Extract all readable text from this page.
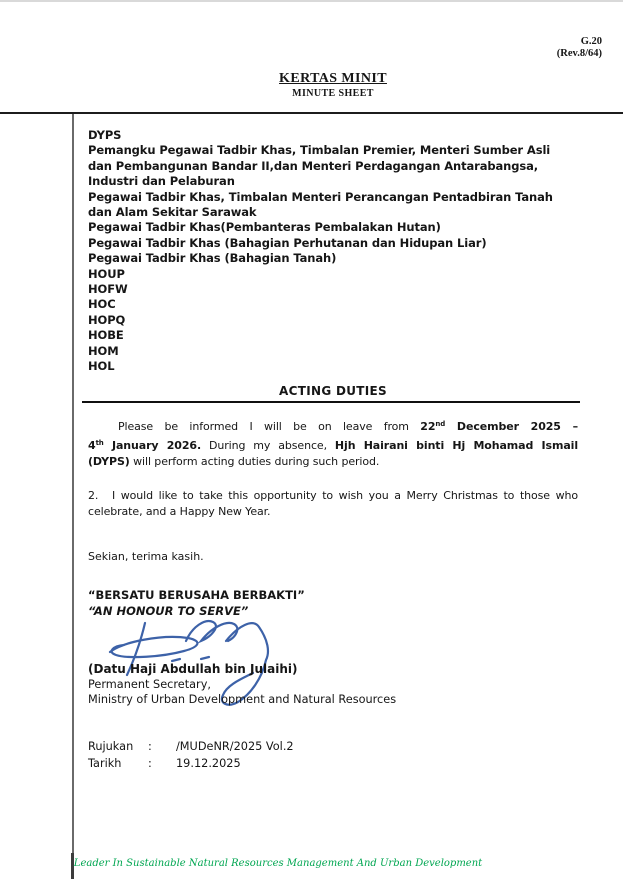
G.20
(Rev.8/64)
KERTAS MINIT
MINUTE SHEET
DYPS
Pemangku Pegawai Tadbir Khas, Timbalan Premier, Menteri Sumber Asli
dan Pembangunan Bandar II,dan Menteri Perdagangan Antarabangsa,
Industri dan Pelaburan
Pegawai Tadbir Khas, Timbalan Menteri Perancangan Pentadbiran Tanah
dan Alam Sekitar Sarawak
Pegawai Tadbir Khas(Pembanteras Pembalakan Hutan)
Pegawai Tadbir Khas (Bahagian Perhutanan dan Hidupan Liar)
Pegawai Tadbir Khas (Bahagian Tanah)
HOUP
HOFW
HOC
HOPQ
HOBE
HOM
HOL
ACTING DUTIES
Please be informed I will be on leave from 22nd December 2025 –
4th January 2026. During my absence, Hjh Hairani binti Hj Mohamad Ismail
(DYPS) will perform acting duties during such period.
2. I would like to take this opportunity to wish you a Merry Christmas to those who
celebrate, and a Happy New Year.
Sekian, terima kasih.
“BERSATU BERUSAHA BERBAKTI”
“AN HONOUR TO SERVE”
(Datu Haji Abdullah bin Julaihi)
Permanent Secretary,
Ministry of Urban Development and Natural Resources
Rujukan	:	/MUDeNR/2025 Vol.2
Tarikh	:	19.12.2025
Leader In Sustainable Natural Resources Management And Urban Development
